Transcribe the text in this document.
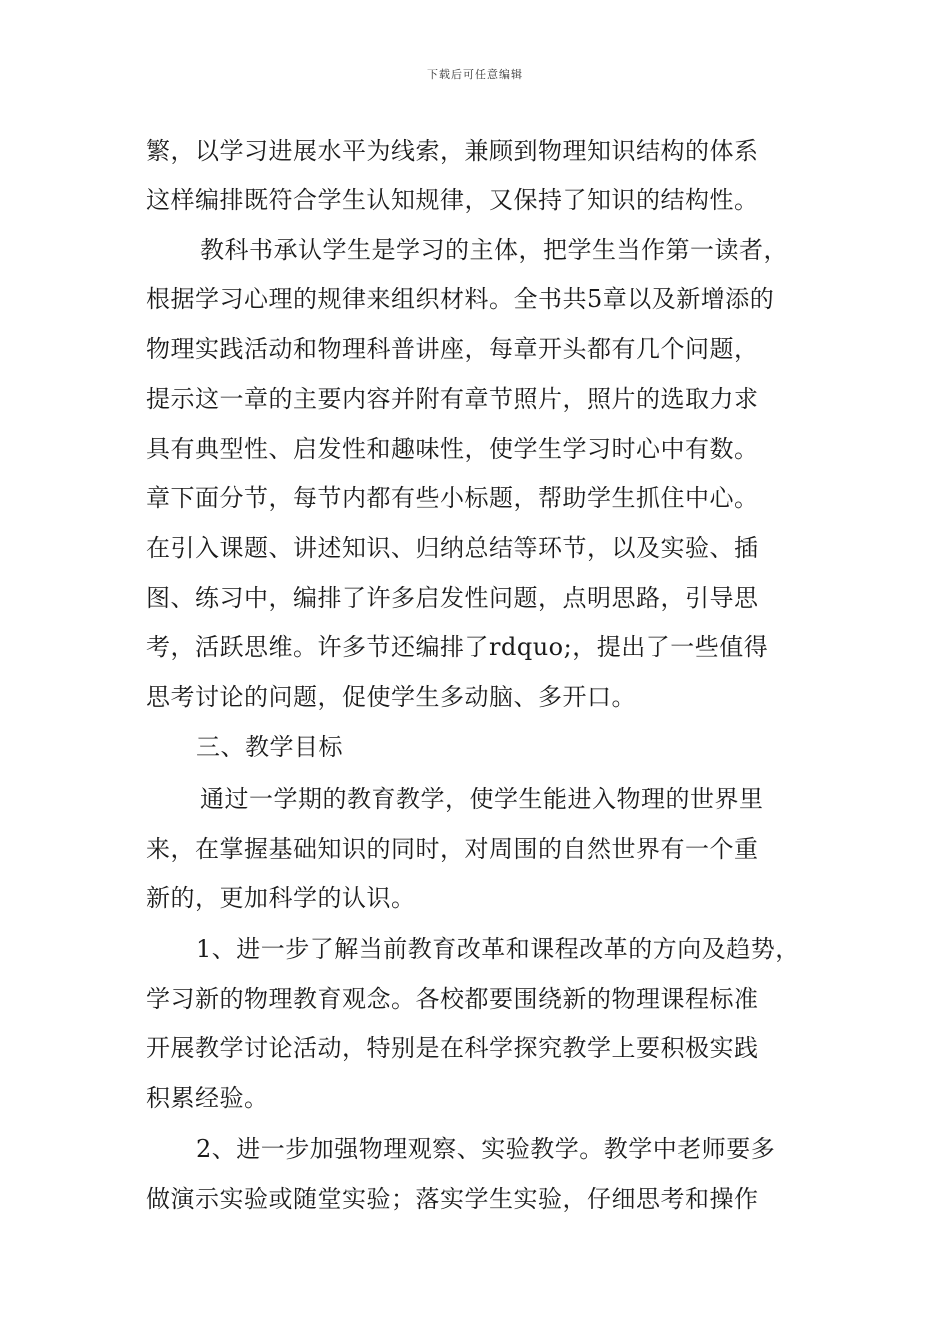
下载后可任意编辑
繁，以学习进展水平为线索，兼顾到物理知识结构的体系
这样编排既符合学生认知规律，又保持了知识的结构性。
教科书承认学生是学习的主体，把学生当作第一读者，
根据学习心理的规律来组织材料。全书共5章以及新增添的
物理实践活动和物理科普讲座，每章开头都有几个问题，
提示这一章的主要内容并附有章节照片，照片的选取力求
具有典型性、启发性和趣味性，使学生学习时心中有数。
章下面分节，每节内都有些小标题，帮助学生抓住中心。
在引入课题、讲述知识、归纳总结等环节，以及实验、插
图、练习中，编排了许多启发性问题，点明思路，引导思
考，活跃思维。许多节还编排了rdquo;，提出了一些值得
思考讨论的问题，促使学生多动脑、多开口。
三、教学目标
通过一学期的教育教学，使学生能进入物理的世界里
来，在掌握基础知识的同时，对周围的自然世界有一个重
新的，更加科学的认识。
1、进一步了解当前教育改革和课程改革的方向及趋势，
学习新的物理教育观念。各校都要围绕新的物理课程标准
开展教学讨论活动，特别是在科学探究教学上要积极实践
积累经验。
2、进一步加强物理观察、实验教学。教学中老师要多
做演示实验或随堂实验；落实学生实验，仔细思考和操作
